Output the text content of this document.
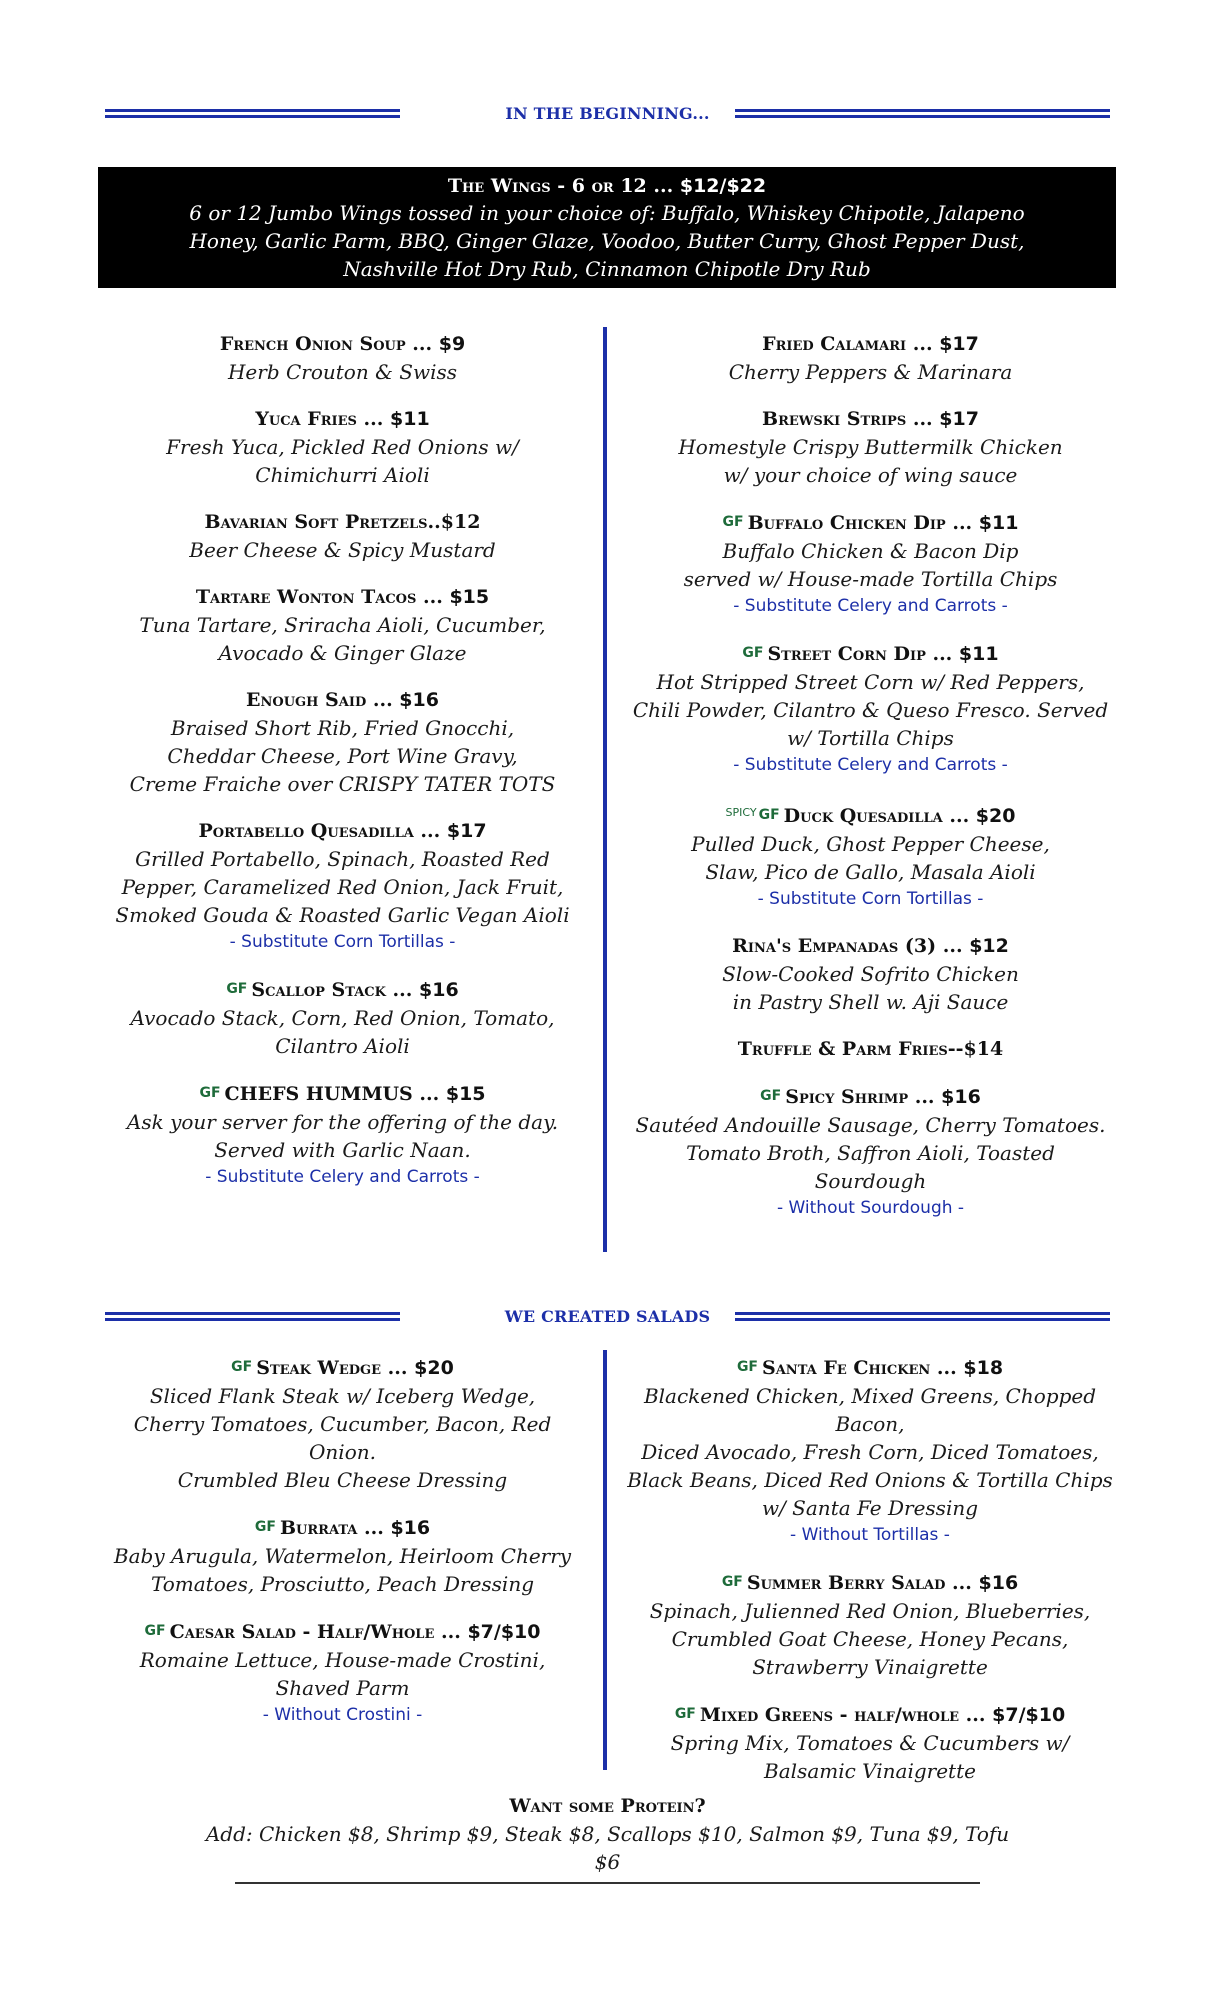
IN THE BEGINNING...
The Wings - 6 or 12 ... $12/$22
6 or 12 Jumbo Wings tossed in your choice of: Buffalo, Whiskey Chipotle, Jalapeno Honey, Garlic Parm, BBQ, Ginger Glaze, Voodoo, Butter Curry, Ghost Pepper Dust, Nashville Hot Dry Rub, Cinnamon Chipotle Dry Rub
French Onion Soup ... $9
Herb Crouton & Swiss
Yuca Fries ... $11
Fresh Yuca, Pickled Red Onions w/
Chimichurri Aioli
Bavarian Soft Pretzels..$12
Beer Cheese & Spicy Mustard
Tartare Wonton Tacos ... $15
Tuna Tartare, Sriracha Aioli, Cucumber,
Avocado & Ginger Glaze
Enough Said ... $16
Braised Short Rib, Fried Gnocchi,
Cheddar Cheese, Port Wine Gravy,
Creme Fraiche over CRISPY TATER TOTS
Portabello Quesadilla ... $17
Grilled Portabello, Spinach, Roasted Red
Pepper, Caramelized Red Onion, Jack Fruit,
Smoked Gouda & Roasted Garlic Vegan Aioli
- Substitute Corn Tortillas -
GF Scallop Stack ... $16
Avocado Stack, Corn, Red Onion, Tomato,
Cilantro Aioli
GF CHEFS HUMMUS ... $15
Ask your server for the offering of the day.
Served with Garlic Naan.
- Substitute Celery and Carrots -
Fried Calamari ... $17
Cherry Peppers & Marinara
Brewski Strips ... $17
Homestyle Crispy Buttermilk Chicken
w/ your choice of wing sauce
GF Buffalo Chicken Dip ... $11
Buffalo Chicken & Bacon Dip
served w/ House-made Tortilla Chips
- Substitute Celery and Carrots -
GF Street Corn Dip ... $11
Hot Stripped Street Corn w/ Red Peppers,
Chili Powder, Cilantro & Queso Fresco. Served
w/ Tortilla Chips
- Substitute Celery and Carrots -
$^{SPICY}$ GF Duck Quesadilla ... $20
Pulled Duck, Ghost Pepper Cheese,
Slaw, Pico de Gallo, Masala Aioli
- Substitute Corn Tortillas -
Rina's Empanadas (3) ... $12
Slow-Cooked Sofrito Chicken
in Pastry Shell w. Aji Sauce
Truffle & Parm Fries--$14
GF Spicy Shrimp ... $16
Sautéed Andouille Sausage, Cherry Tomatoes.
Tomato Broth, Saffron Aioli, Toasted
Sourdough
- Without Sourdough -
WE CREATED SALADS
GF Steak Wedge ... $20
Sliced Flank Steak w/ Iceberg Wedge,
Cherry Tomatoes, Cucumber, Bacon, Red Onion.
Crumbled Bleu Cheese Dressing
GF Burrata ... $16
Baby Arugula, Watermelon, Heirloom Cherry
Tomatoes, Prosciutto, Peach Dressing
GF Caesar Salad - Half/Whole ... $7/$10
Romaine Lettuce, House-made Crostini,
Shaved Parm
- Without Crostini -
GF Santa Fe Chicken ... $18
Blackened Chicken, Mixed Greens, Chopped Bacon,
Diced Avocado, Fresh Corn, Diced Tomatoes,
Black Beans, Diced Red Onions & Tortilla Chips
w/ Santa Fe Dressing
- Without Tortillas -
GF Summer Berry Salad ... $16
Spinach, Julienned Red Onion, Blueberries,
Crumbled Goat Cheese, Honey Pecans,
Strawberry Vinaigrette
GF Mixed Greens - half/whole ... $7/$10
Spring Mix, Tomatoes & Cucumbers w/
Balsamic Vinaigrette
Want some Protein?
Add: Chicken $8, Shrimp $9, Steak $8, Scallops $10, Salmon $9, Tuna $9, Tofu $6
